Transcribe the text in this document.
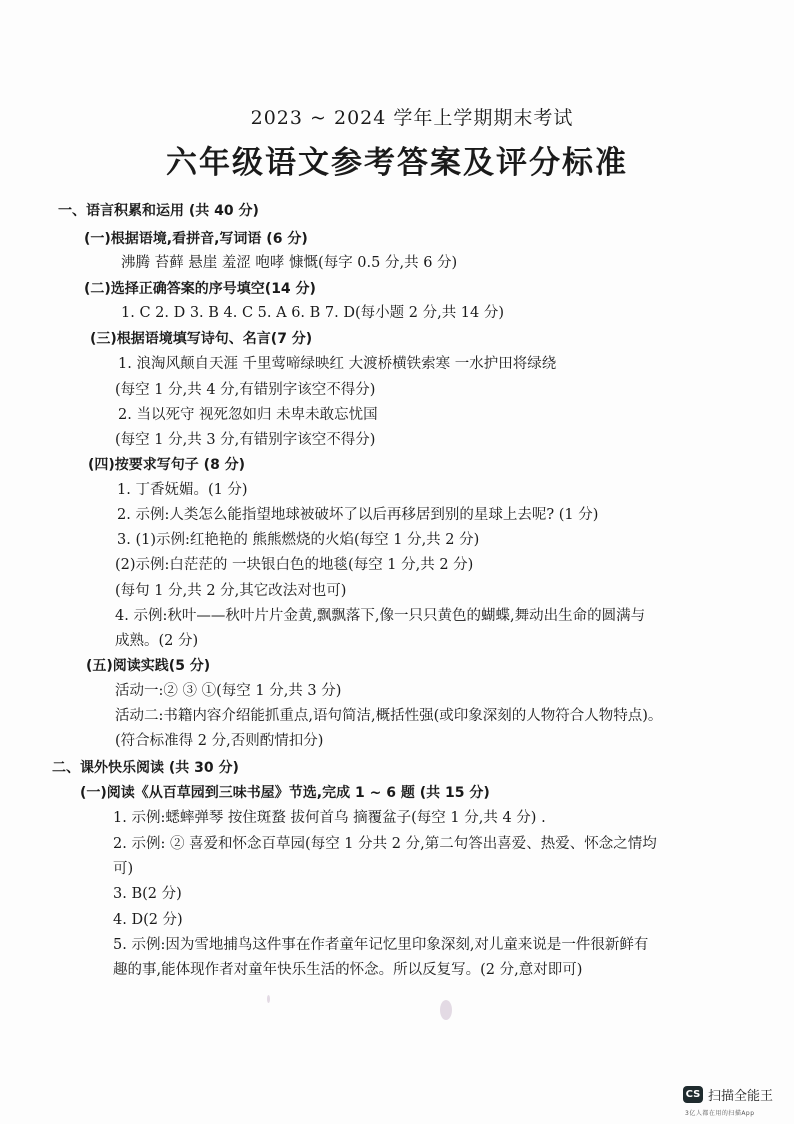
2023 ~ 2024 学年上学期期末考试
六年级语文参考答案及评分标准
一、语言积累和运用 (共 40 分)
(一)根据语境,看拼音,写词语 (6 分)
沸腾 苔藓 悬崖 羞涩 咆哮 慷慨(每字 0.5 分,共 6 分)
(二)选择正确答案的序号填空(14 分)
1. C 2. D 3. B 4. C 5. A 6. B 7. D(每小题 2 分,共 14 分)
(三)根据语境填写诗句、名言(7 分)
1. 浪淘风颠自天涯 千里莺啼绿映红 大渡桥横铁索寒 一水护田将绿绕
(每空 1 分,共 4 分,有错别字该空不得分)
2. 当以死守 视死忽如归 未卑未敢忘忧国
(每空 1 分,共 3 分,有错别字该空不得分)
(四)按要求写句子 (8 分)
1. 丁香妩媚。(1 分)
2. 示例:人类怎么能指望地球被破坏了以后再移居到别的星球上去呢? (1 分)
3. (1)示例:红艳艳的 熊熊燃烧的火焰(每空 1 分,共 2 分)
(2)示例:白茫茫的 一块银白色的地毯(每空 1 分,共 2 分)
(每句 1 分,共 2 分,其它改法对也可)
4. 示例:秋叶——秋叶片片金黄,飘飘落下,像一只只黄色的蝴蝶,舞动出生命的圆满与
成熟。(2 分)
(五)阅读实践(5 分)
活动一:② ③ ①(每空 1 分,共 3 分)
活动二:书籍内容介绍能抓重点,语句简洁,概括性强(或印象深刻的人物符合人物特点)。
(符合标准得 2 分,否则酌情扣分)
二、课外快乐阅读 (共 30 分)
(一)阅读《从百草园到三味书屋》节选,完成 1 ~ 6 题 (共 15 分)
1. 示例:蟋蟀弹琴 按住斑蝥 拔何首乌 摘覆盆子(每空 1 分,共 4 分) .
2. 示例: ② 喜爱和怀念百草园(每空 1 分共 2 分,第二句答出喜爱、热爱、怀念之情均
可)
3. B(2 分)
4. D(2 分)
5. 示例:因为雪地捕鸟这件事在作者童年记忆里印象深刻,对儿童来说是一件很新鲜有
趣的事,能体现作者对童年快乐生活的怀念。所以反复写。(2 分,意对即可)
CS 扫描全能王
3亿人都在用的扫描App
